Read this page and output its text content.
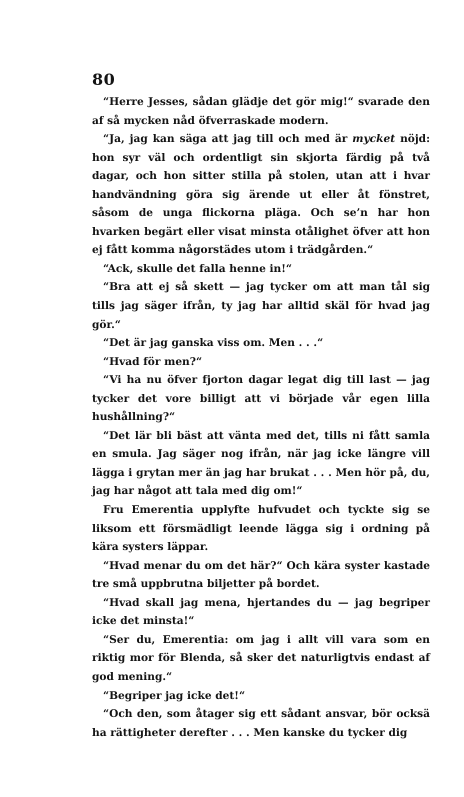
80

“Herre Jesses, sådan glädje det gör mig!“ svarade den af så mycken nåd öfverraskade modern.

“Ja, jag kan säga att jag till och med är mycket nöjd: hon syr väl och ordentligt sin skjorta färdig på två dagar, och hon sitter stilla på stolen, utan att i hvar handvändning göra sig ärende ut eller åt fönstret, såsom de unga flickorna pläga. Och se’n har hon hvarken begärt eller visat minsta otålighet öfver att hon ej fått komma någorstädes utom i trädgården.“

“Ack, skulle det falla henne in!“

“Bra att ej så skett — jag tycker om att man tål sig tills jag säger ifrån, ty jag har alltid skäl för hvad jag gör.“

“Det är jag ganska viss om. Men . . .“

“Hvad för men?“

“Vi ha nu öfver fjorton dagar legat dig till last — jag tycker det vore billigt att vi började vår egen lilla hushållning?“

“Det lär bli bäst att vänta med det, tills ni fått samla en smula. Jag säger nog ifrån, när jag icke längre vill lägga i grytan mer än jag har brukat . . . Men hör på, du, jag har något att tala med dig om!“

Fru Emerentia upplyfte hufvudet och tyckte sig se liksom ett försmädligt leende lägga sig i ordning på kära systers läppar.

“Hvad menar du om det här?“ Och kära syster kastade tre små uppbrutna biljetter på bordet.

“Hvad skall jag mena, hjertandes du — jag begriper icke det minsta!“

“Ser du, Emerentia: om jag i allt vill vara som en riktig mor för Blenda, så sker det naturligtvis endast af god mening.“

“Begriper jag icke det!“

“Och den, som åtager sig ett sådant ansvar, bör ocksä ha rättigheter derefter . . . Men kanske du tycker dig
